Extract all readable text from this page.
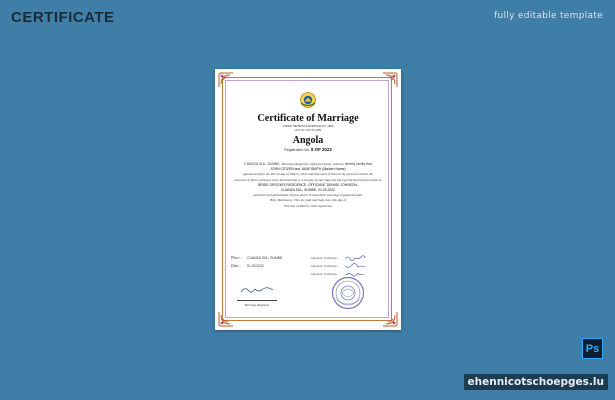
CERTIFICATE	fully editable template
Certificate of Marriage
(UNDER THE BEHOLD MARRIAGE ACT, 1955)
(ACT NO. XXV OF 1955)
Angola
Registration No. 8 OF 2022
CUANZA SUL, SUMBE, Marriage Registrar, Officiant Denise Johnson hereby certify that
JOHN CITIZEN and JANE SMITH (Maiden Name)
appeared before me this 01 day of March, 2022 and that each of them in my presence and in the
presence of three witnesses have declared that a ceremony of marriage has been performed between them at
BRIDE GROOM'S RESIDENCE. OFFICIANT DENISE JOHNSON,
CUANZA SUL, SUMBE. 01.03.2022
and that such declaration of their desire to have their marriage registered under
Holy Matrimony. This the said marriage has, this day of
01st day of March, 2022 registered.
Place :	CUANZA SUL, SUMBE	Signature of Witness
Date :	01.03.2022	Signature of Witness
Signature of Witness
Marriage Registrar
Ps
ehennicotschoepges.lu
